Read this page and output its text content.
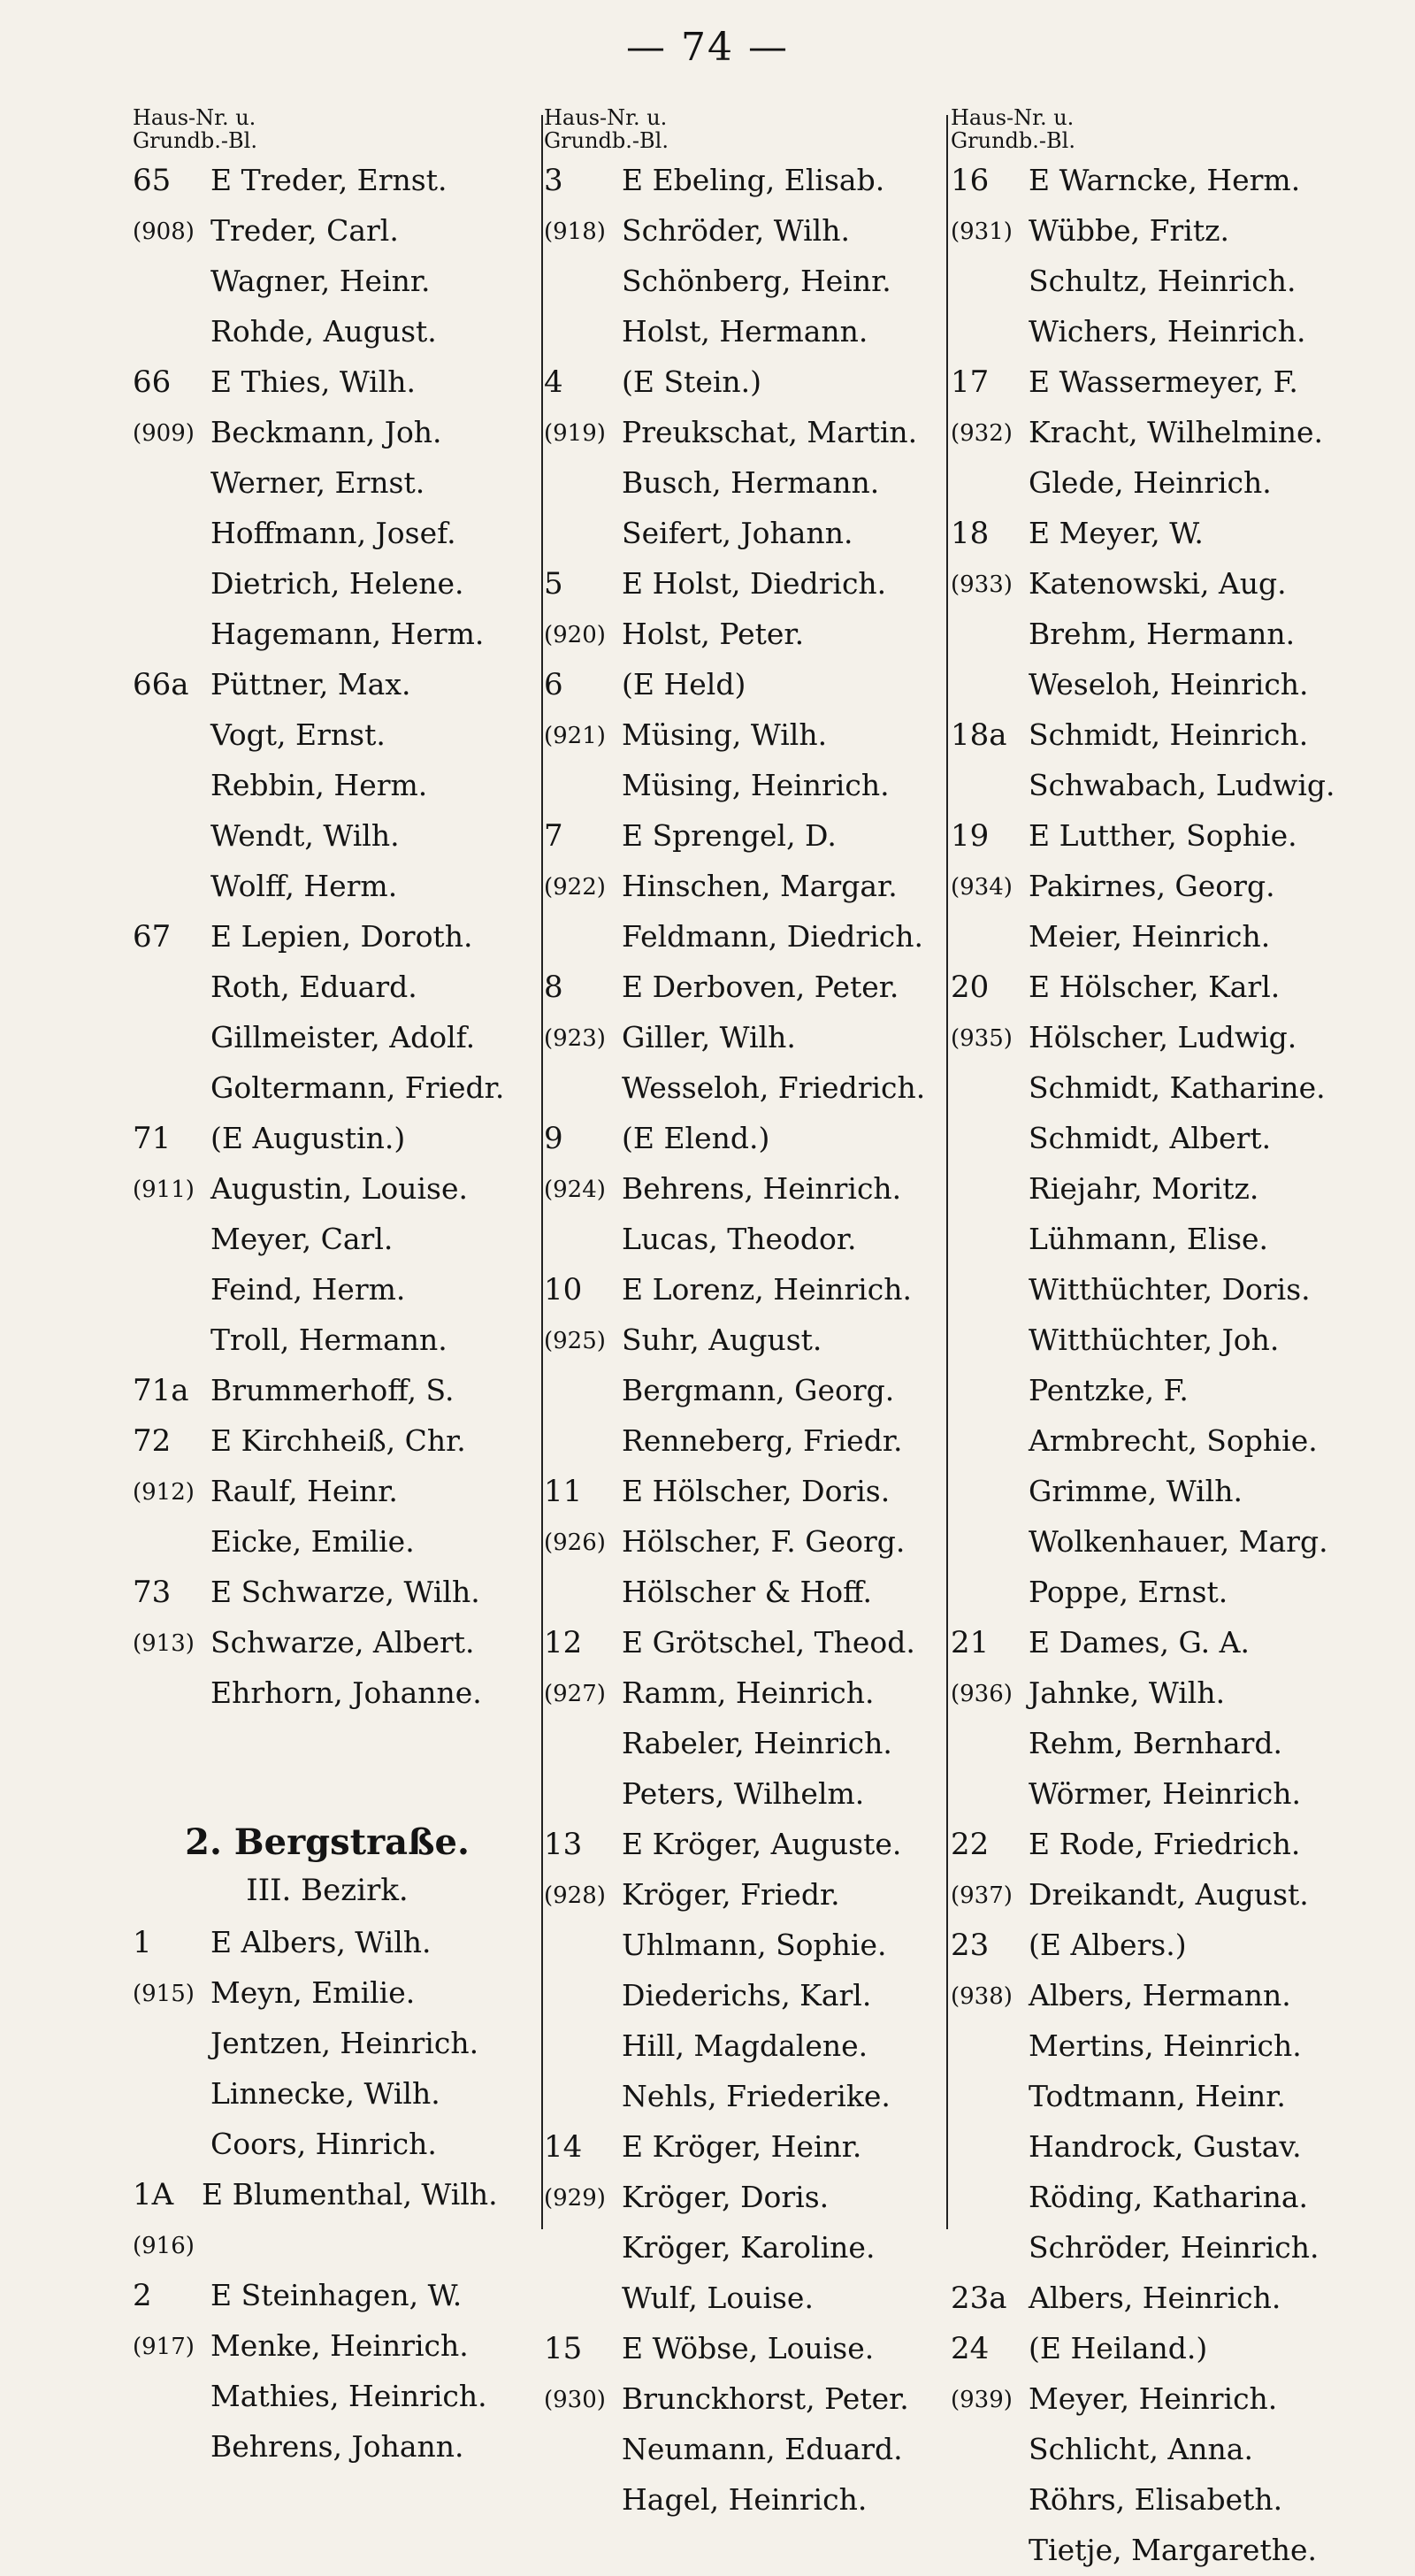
— 74 —
Haus-Nr. u.
Grundb.-Bl.
65	E Treder, Ernst.
(908) Treder, Carl.
Wagner, Heinr.
Rohde, August.
66	E Thies, Wilh.
(909) Beckmann, Joh.
Werner, Ernst.
Hoffmann, Josef.
Dietrich, Helene.
Hagemann, Herm.
66a Püttner, Max.
Vogt, Ernst.
Rebbin, Herm.
Wendt, Wilh.
Wolff, Herm.
67	E Lepien, Doroth.
Roth, Eduard.
Gillmeister, Adolf.
Goltermann, Friedr.
71	(E Augustin.)
(911) Augustin, Louise.
Meyer, Carl.
Feind, Herm.
Troll, Hermann.
71a Brummerhoff, S.
72	E Kirchheiß, Chr.
(912) Raulf, Heinr.
Eicke, Emilie.
73	E Schwarze, Wilh.
(913) Schwarze, Albert.
Ehrhorn, Johanne.
2. Bergstraße.
III. Bezirk.
1	E Albers, Wilh.
(915) Meyn, Emilie.
Jentzen, Heinrich.
Linnecke, Wilh.
Coors, Hinrich.
1A E Blumenthal, Wilh.
(916)
2	E Steinhagen, W.
(917) Menke, Heinrich.
Mathies, Heinrich.
Behrens, Johann.
Haus-Nr. u.
Grundb.-Bl.
3	E Ebeling, Elisab.
(918) Schröder, Wilh.
Schönberg, Heinr.
Holst, Hermann.
4	(E Stein.)
(919) Preukschat, Martin.
Busch, Hermann.
Seifert, Johann.
5	E Holst, Diedrich.
(920) Holst, Peter.
6	(E Held)
(921) Müsing, Wilh.
Müsing, Heinrich.
7	E Sprengel, D.
(922) Hinschen, Margar.
Feldmann, Diedrich.
8	E Derboven, Peter.
(923) Giller, Wilh.
Wesseloh, Friedrich.
9	(E Elend.)
(924) Behrens, Heinrich.
Lucas, Theodor.
10	E Lorenz, Heinrich.
(925) Suhr, August.
Bergmann, Georg.
Renneberg, Friedr.
11	E Hölscher, Doris.
(926) Hölscher, F. Georg.
Hölscher & Hoff.
12	E Grötschel, Theod.
(927) Ramm, Heinrich.
Rabeler, Heinrich.
Peters, Wilhelm.
13	E Kröger, Auguste.
(928) Kröger, Friedr.
Uhlmann, Sophie.
Diederichs, Karl.
Hill, Magdalene.
Nehls, Friederike.
14	E Kröger, Heinr.
(929) Kröger, Doris.
Kröger, Karoline.
Wulf, Louise.
15	E Wöbse, Louise.
(930) Brunckhorst, Peter.
Neumann, Eduard.
Hagel, Heinrich.
Haus-Nr. u.
Grundb.-Bl.
16	E Warncke, Herm.
(931) Wübbe, Fritz.
Schultz, Heinrich.
Wichers, Heinrich.
17	E Wassermeyer, F.
(932) Kracht, Wilhelmine.
Glede, Heinrich.
18	E Meyer, W.
(933) Katenowski, Aug.
Brehm, Hermann.
Weseloh, Heinrich.
18a Schmidt, Heinrich.
Schwabach, Ludwig.
19	E Lutther, Sophie.
(934) Pakirnes, Georg.
Meier, Heinrich.
20	E Hölscher, Karl.
(935) Hölscher, Ludwig.
Schmidt, Katharine.
Schmidt, Albert.
Riejahr, Moritz.
Lühmann, Elise.
Witthüchter, Doris.
Witthüchter, Joh.
Pentzke, F.
Armbrecht, Sophie.
Grimme, Wilh.
Wolkenhauer, Marg.
Poppe, Ernst.
21	E Dames, G. A.
(936) Jahnke, Wilh.
Rehm, Bernhard.
Wörmer, Heinrich.
22	E Rode, Friedrich.
(937) Dreikandt, August.
23	(E Albers.)
(938) Albers, Hermann.
Mertins, Heinrich.
Todtmann, Heinr.
Handrock, Gustav.
Röding, Katharina.
Schröder, Heinrich.
23a Albers, Heinrich.
24	(E Heiland.)
(939) Meyer, Heinrich.
Schlicht, Anna.
Röhrs, Elisabeth.
Tietje, Margarethe.
